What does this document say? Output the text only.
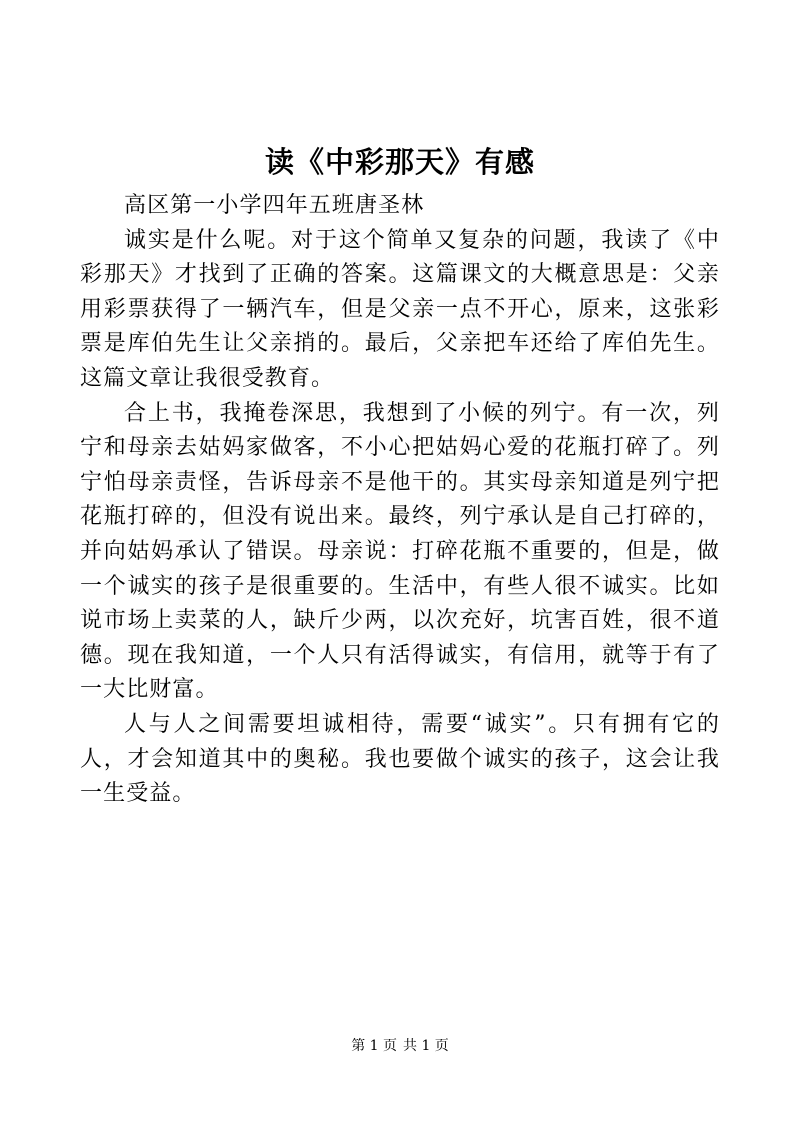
读《中彩那天》有感

高区第一小学四年五班唐圣林

诚实是什么呢。对于这个简单又复杂的问题，我读了《中彩那天》才找到了正确的答案。这篇课文的大概意思是：父亲用彩票获得了一辆汽车，但是父亲一点不开心，原来，这张彩票是库伯先生让父亲捎的。最后，父亲把车还给了库伯先生。这篇文章让我很受教育。

合上书，我掩卷深思，我想到了小候的列宁。有一次，列宁和母亲去姑妈家做客，不小心把姑妈心爱的花瓶打碎了。列宁怕母亲责怪，告诉母亲不是他干的。其实母亲知道是列宁把花瓶打碎的，但没有说出来。最终，列宁承认是自己打碎的，并向姑妈承认了错误。母亲说：打碎花瓶不重要的，但是，做一个诚实的孩子是很重要的。生活中，有些人很不诚实。比如说市场上卖菜的人，缺斤少两，以次充好，坑害百姓，很不道德。现在我知道，一个人只有活得诚实，有信用，就等于有了一大比财富。

人与人之间需要坦诚相待，需要“诚实”。只有拥有它的人，才会知道其中的奥秘。我也要做个诚实的孩子，这会让我一生受益。

第 1 页 共 1 页
